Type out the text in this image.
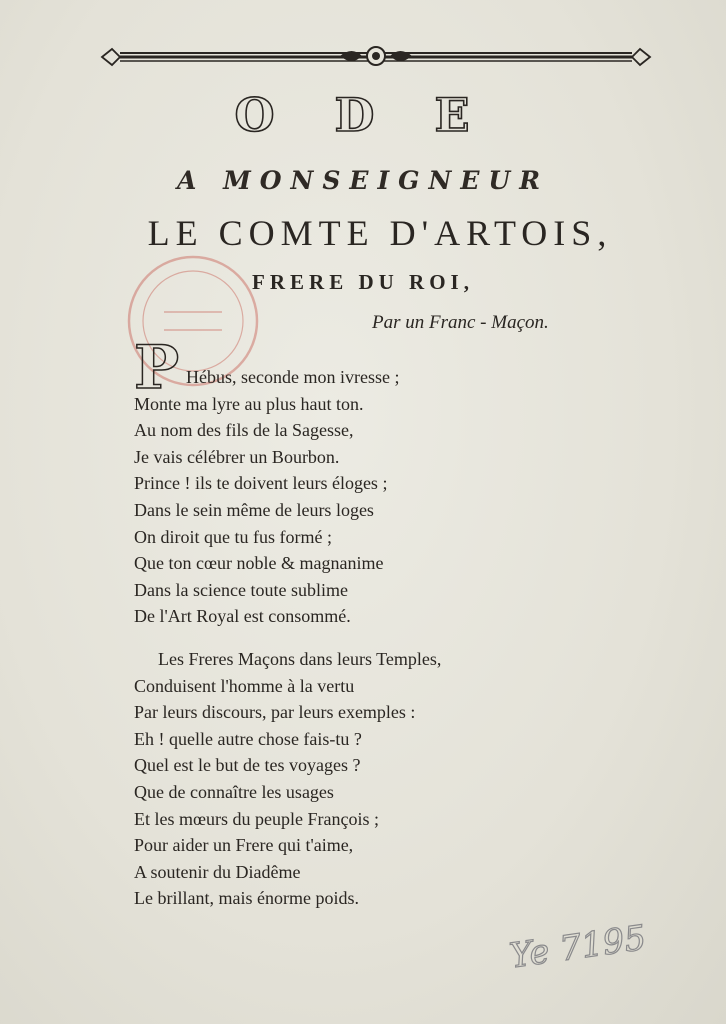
O D E
A MONSEIGNEUR
LE COMTE D'ARTOIS,
FRERE DU ROI,
Par un Franc - Maçon.
P Hébus, seconde mon ivresse ;
Monte ma lyre au plus haut ton.
Au nom des fils de la Sagesse,
Je vais célébrer un Bourbon.
Prince ! ils te doivent leurs éloges ;
Dans le sein même de leurs loges
On diroit que tu fus formé ;
Que ton cœur noble & magnanime
Dans la science toute sublime
De l'Art Royal est consommé.
Les Freres Maçons dans leurs Temples,
Conduisent l'homme à la vertu
Par leurs discours, par leurs exemples :
Eh ! quelle autre chose fais-tu ?
Quel est le but de tes voyages ?
Que de connaître les usages
Et les mœurs du peuple François ;
Pour aider un Frere qui t'aime,
A soutenir du Diadême
Le brillant, mais énorme poids.
Ye 7195
